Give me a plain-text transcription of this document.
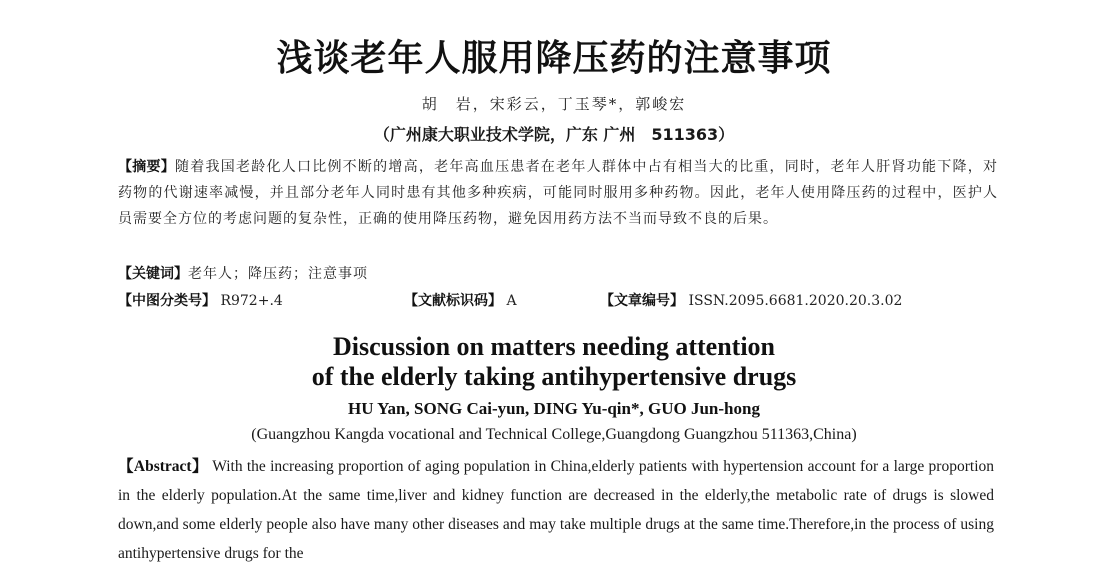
浅谈老年人服用降压药的注意事项
胡　岩，宋彩云，丁玉琴*，郭峻宏
（广州康大职业技术学院，广东 广州　511363）
【摘要】随着我国老龄化人口比例不断的增高，老年高血压患者在老年人群体中占有相当大的比重，同时，老年人肝肾功能下降，对药物的代谢速率减慢，并且部分老年人同时患有其他多种疾病，可能同时服用多种药物。因此，老年人使用降压药的过程中，医护人员需要全方位的考虑问题的复杂性，正确的使用降压药物，避免因用药方法不当而导致不良的后果。
【关键词】老年人；降压药；注意事项
【中图分类号】 R972+.4	【文献标识码】 A	【文章编号】 ISSN.2095.6681.2020.20.3.02
Discussion on matters needing attention
of the elderly taking antihypertensive drugs
HU Yan, SONG Cai-yun, DING Yu-qin*, GUO Jun-hong
(Guangzhou Kangda vocational and Technical College,Guangdong Guangzhou 511363,China)
【Abstract】 With the increasing proportion of aging population in China,elderly patients with hypertension account for a large proportion in the elderly population.At the same time,liver and kidney function are decreased in the elderly,the metabolic rate of drugs is slowed down,and some elderly people also have many other diseases and may take multiple drugs at the same time.Therefore,in the process of using antihypertensive drugs for the
